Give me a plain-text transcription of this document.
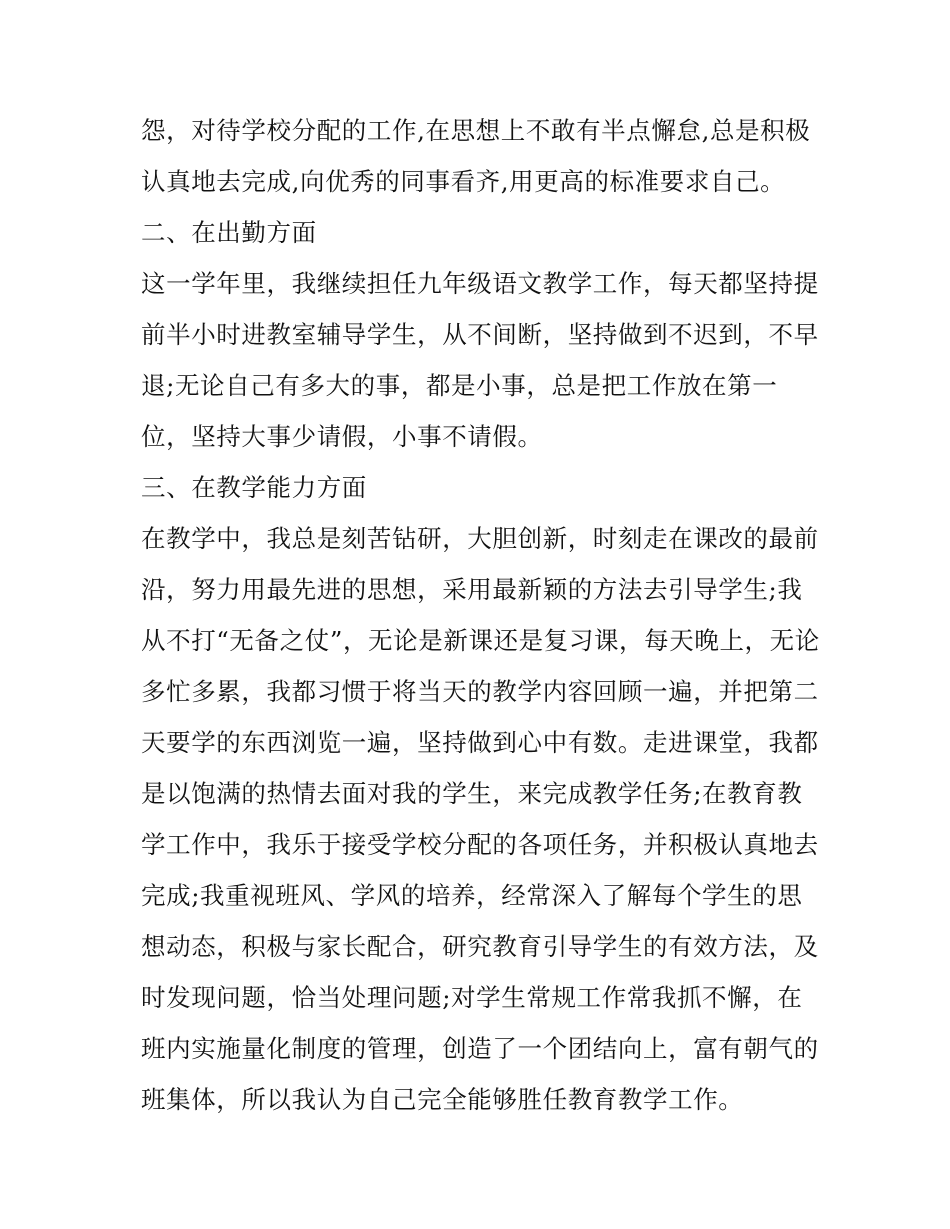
怨，对待学校分配的工作,在思想上不敢有半点懈怠,总是积极
认真地去完成,向优秀的同事看齐,用更高的标准要求自己。
二、在出勤方面
这一学年里，我继续担任九年级语文教学工作，每天都坚持提
前半小时进教室辅导学生，从不间断，坚持做到不迟到，不早
退;无论自己有多大的事，都是小事，总是把工作放在第一
位，坚持大事少请假，小事不请假。
三、在教学能力方面
在教学中，我总是刻苦钻研，大胆创新，时刻走在课改的最前
沿，努力用最先进的思想，采用最新颖的方法去引导学生;我
从不打“无备之仗”，无论是新课还是复习课，每天晚上，无论
多忙多累，我都习惯于将当天的教学内容回顾一遍，并把第二
天要学的东西浏览一遍，坚持做到心中有数。走进课堂，我都
是以饱满的热情去面对我的学生，来完成教学任务;在教育教
学工作中，我乐于接受学校分配的各项任务，并积极认真地去
完成;我重视班风、学风的培养，经常深入了解每个学生的思
想动态，积极与家长配合，研究教育引导学生的有效方法，及
时发现问题，恰当处理问题;对学生常规工作常我抓不懈，在
班内实施量化制度的管理，创造了一个团结向上，富有朝气的
班集体，所以我认为自己完全能够胜任教育教学工作。
